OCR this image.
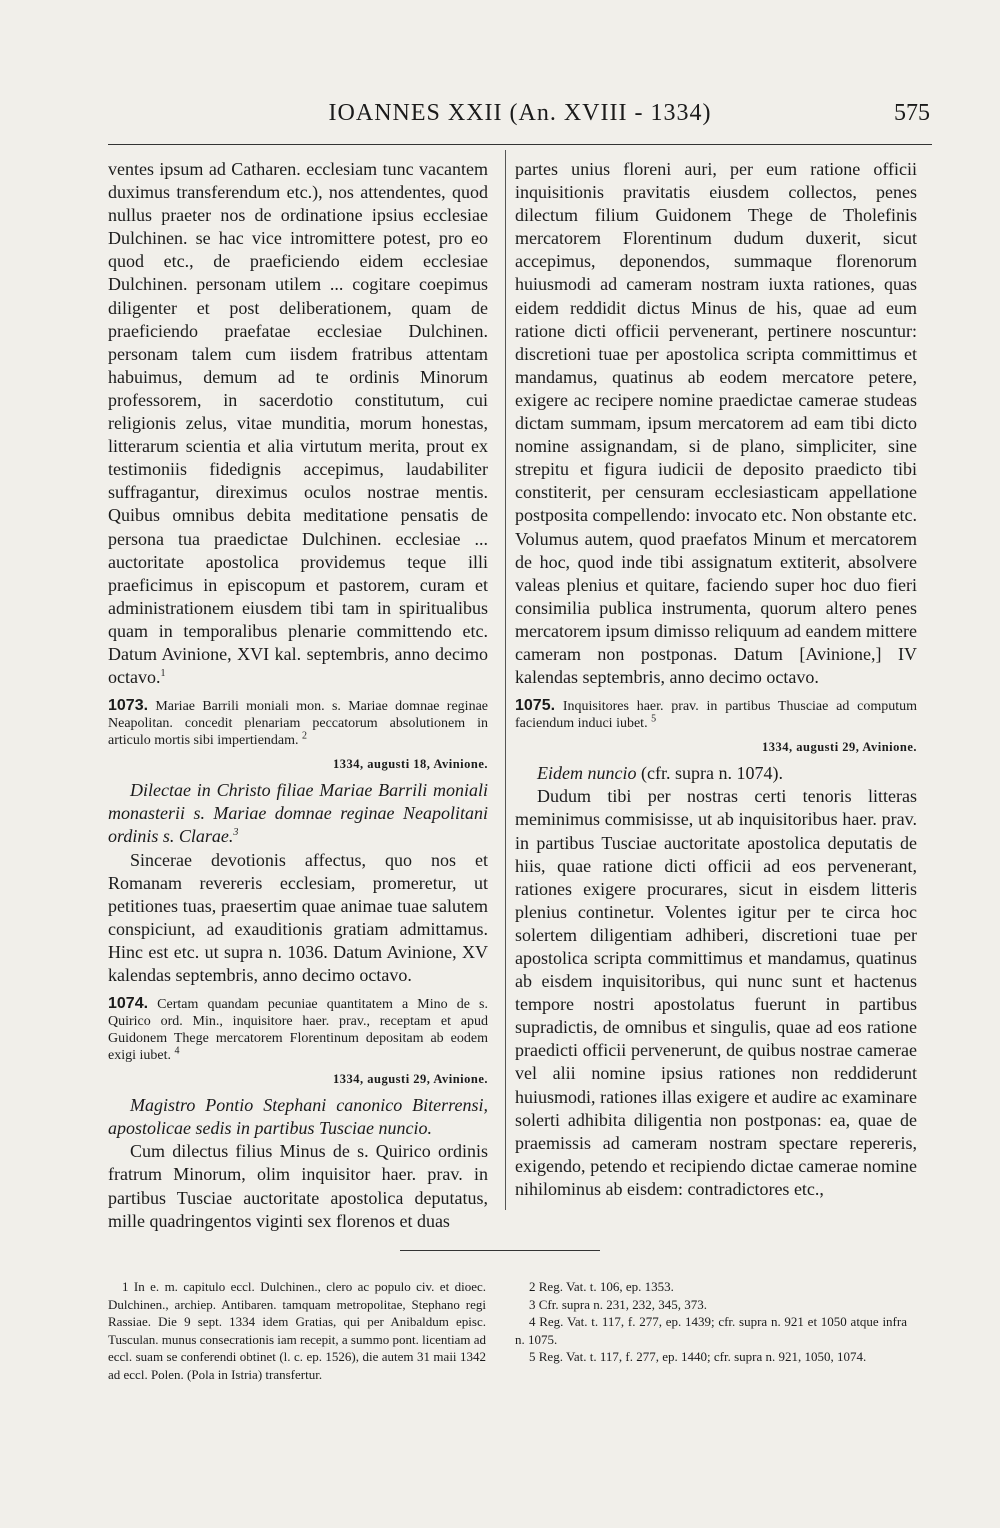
IOANNES XXII (An. XVIII - 1334)	575

ventes ipsum ad Catharen. ecclesiam tunc vacantem duximus transferendum etc.), nos attendentes, quod nullus praeter nos de ordinatione ipsius ecclesiae Dulchinen. se hac vice intromittere potest, pro eo quod etc., de praeficiendo eidem ecclesiae Dulchinen. personam utilem ... cogitare coepimus diligenter et post deliberationem, quam de praeficiendo praefatae ecclesiae Dulchinen. personam talem cum iisdem fratribus attentam habuimus, demum ad te ordinis Minorum professorem, in sacerdotio constitutum, cui religionis zelus, vitae munditia, morum honestas, litterarum scientia et alia virtutum merita, prout ex testimoniis fidedignis accepimus, laudabiliter suffragantur, direximus oculos nostrae mentis. Quibus omnibus debita meditatione pensatis de persona tua praedictae Dulchinen. ecclesiae ... auctoritate apostolica providemus teque illi praeficimus in episcopum et pastorem, curam et administrationem eiusdem tibi tam in spiritualibus quam in temporalibus plenarie committendo etc. Datum Avinione, XVI kal. septembris, anno decimo octavo.$^1$

1073. Mariae Barrili moniali mon. s. Mariae domnae reginae Neapolitan. concedit plenariam peccatorum absolutionem in articulo mortis sibi impertiendam. $^2$
1334, augusti 18, Avinione.

Dilectae in Christo filiae Mariae Barrili moniali monasterii s. Mariae domnae reginae Neapolitani ordinis s. Clarae.$^3$

Sincerae devotionis affectus, quo nos et Romanam revereris ecclesiam, promeretur, ut petitiones tuas, praesertim quae animae tuae salutem conspiciunt, ad exauditionis gratiam admittamus. Hinc est etc. ut supra n. 1036. Datum Avinione, XV kalendas septembris, anno decimo octavo.

1074. Certam quandam pecuniae quantitatem a Mino de s. Quirico ord. Min., inquisitore haer. prav., receptam et apud Guidonem Thege mercatorem Florentinum depositam ab eodem exigi iubet. $^4$
1334, augusti 29, Avinione.

Magistro Pontio Stephani canonico Biterrensi, apostolicae sedis in partibus Tusciae nuncio.

Cum dilectus filius Minus de s. Quirico ordinis fratrum Minorum, olim inquisitor haer. prav. in partibus Tusciae auctoritate apostolica deputatus, mille quadringentos viginti sex florenos et duas

partes unius floreni auri, per eum ratione officii inquisitionis pravitatis eiusdem collectos, penes dilectum filium Guidonem Thege de Tholefinis mercatorem Florentinum dudum duxerit, sicut accepimus, deponendos, summaque florenorum huiusmodi ad cameram nostram iuxta rationes, quas eidem reddidit dictus Minus de his, quae ad eum ratione dicti officii pervenerant, pertinere noscuntur: discretioni tuae per apostolica scripta committimus et mandamus, quatinus ab eodem mercatore petere, exigere ac recipere nomine praedictae camerae studeas dictam summam, ipsum mercatorem ad eam tibi dicto nomine assignandam, si de plano, simpliciter, sine strepitu et figura iudicii de deposito praedicto tibi constiterit, per censuram ecclesiasticam appellatione postposita compellendo: invocato etc. Non obstante etc. Volumus autem, quod praefatos Minum et mercatorem de hoc, quod inde tibi assignatum extiterit, absolvere valeas plenius et quitare, faciendo super hoc duo fieri consimilia publica instrumenta, quorum altero penes mercatorem ipsum dimisso reliquum ad eandem mittere cameram non postponas. Datum [Avinione,] IV kalendas septembris, anno decimo octavo.

1075. Inquisitores haer. prav. in partibus Thusciae ad computum faciendum induci iubet. $^5$
1334, augusti 29, Avinione.

Eidem nuncio (cfr. supra n. 1074).

Dudum tibi per nostras certi tenoris litteras meminimus commisisse, ut ab inquisitoribus haer. prav. in partibus Tusciae auctoritate apostolica deputatis de hiis, quae ratione dicti officii ad eos pervenerant, rationes exigere procurares, sicut in eisdem litteris plenius continetur. Volentes igitur per te circa hoc solertem diligentiam adhiberi, discretioni tuae per apostolica scripta committimus et mandamus, quatinus ab eisdem inquisitoribus, qui nunc sunt et hactenus tempore nostri apostolatus fuerunt in partibus supradictis, de omnibus et singulis, quae ad eos ratione praedicti officii pervenerunt, de quibus nostrae camerae vel alii nomine ipsius rationes non reddiderunt huiusmodi, rationes illas exigere et audire ac examinare solerti adhibita diligentia non postponas: ea, quae de praemissis ad cameram nostram spectare repereris, exigendo, petendo et recipiendo dictae camerae nomine nihilominus ab eisdem: contradictores etc.,

1 In e. m. capitulo eccl. Dulchinen., clero ac populo civ. et dioec. Dulchinen., archiep. Antibaren. tamquam metropolitae, Stephano regi Rassiae. Die 9 sept. 1334 idem Gratias, qui per Anibaldum episc. Tusculan. munus consecrationis iam recepit, a summo pont. licentiam ad eccl. suam se conferendi obtinet (l. c. ep. 1526), die autem 31 maii 1342 ad eccl. Polen. (Pola in Istria) transfertur.

2 Reg. Vat. t. 106, ep. 1353.

3 Cfr. supra n. 231, 232, 345, 373.

4 Reg. Vat. t. 117, f. 277, ep. 1439; cfr. supra n. 921 et 1050 atque infra n. 1075.

5 Reg. Vat. t. 117, f. 277, ep. 1440; cfr. supra n. 921, 1050, 1074.
